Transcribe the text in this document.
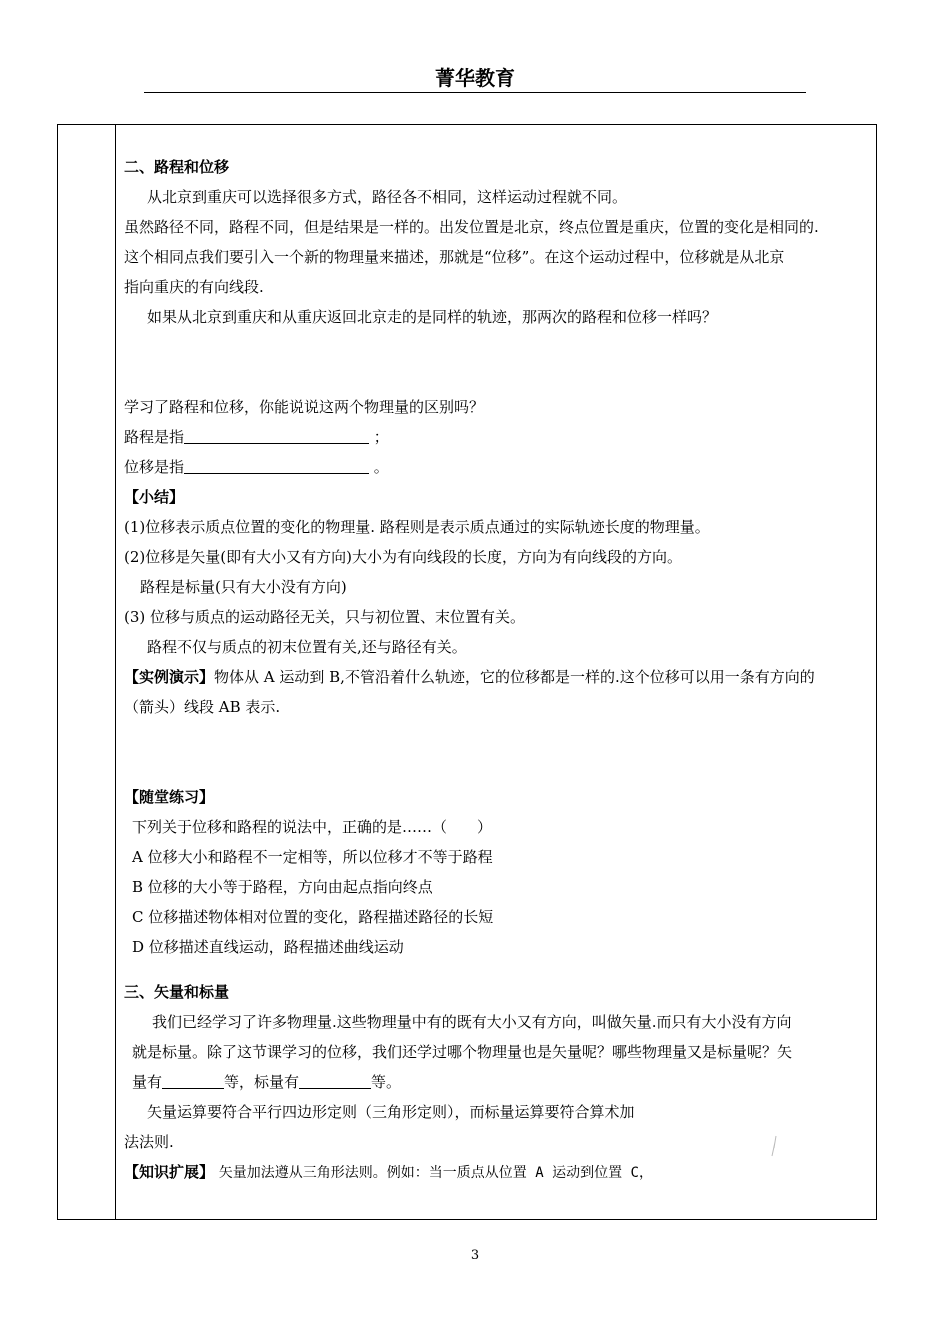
菁华教育
二、路程和位移
从北京到重庆可以选择很多方式，路径各不相同，这样运动过程就不同。
虽然路径不同，路程不同，但是结果是一样的。出发位置是北京，终点位置是重庆，位置的变化是相同的.
这个相同点我们要引入一个新的物理量来描述，那就是“位移”。在这个运动过程中，位移就是从北京
指向重庆的有向线段.
如果从北京到重庆和从重庆返回北京走的是同样的轨迹，那两次的路程和位移一样吗？
学习了路程和位移，你能说说这两个物理量的区别吗？
路程是指	；
位移是指	。
【小结】
(1)位移表示质点位置的变化的物理量. 路程则是表示质点通过的实际轨迹长度的物理量。
(2)位移是矢量(即有大小又有方向)大小为有向线段的长度，方向为有向线段的方向。
路程是标量(只有大小没有方向)
(3) 位移与质点的运动路径无关，只与初位置、末位置有关。
路程不仅与质点的初末位置有关,还与路径有关。
【实例演示】物体从 A 运动到 B,不管沿着什么轨迹，它的位移都是一样的.这个位移可以用一条有方向的
（箭头）线段 AB 表示.
【随堂练习】
下列关于位移和路程的说法中，正确的是……（　　）
A 位移大小和路程不一定相等，所以位移才不等于路程
B 位移的大小等于路程，方向由起点指向终点
C 位移描述物体相对位置的变化，路程描述路径的长短
D 位移描述直线运动，路程描述曲线运动
三、矢量和标量
我们已经学习了许多物理量.这些物理量中有的既有大小又有方向，叫做矢量.而只有大小没有方向
就是标量。除了这节课学习的位移，我们还学过哪个物理量也是矢量呢？哪些物理量又是标量呢？矢
量有	等，标量有	等。
矢量运算要符合平行四边形定则（三角形定则），而标量运算要符合算术加
法法则.
【知识扩展】 矢量加法遵从三角形法则。例如：当一质点从位置 A 运动到位置 C，
3
